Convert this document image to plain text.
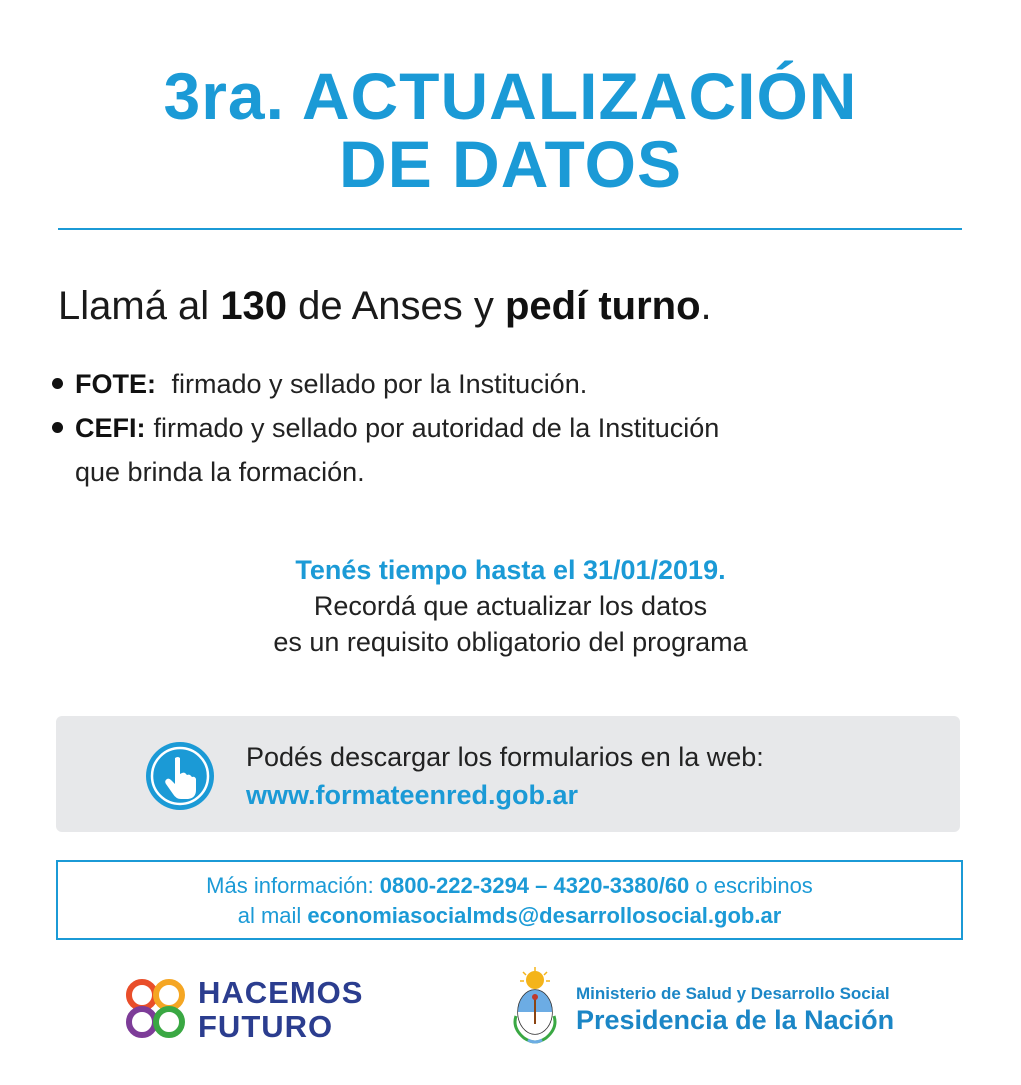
3ra. ACTUALIZACIÓN
DE DATOS

Llamá al 130 de Anses y pedí turno.

FOTE: firmado y sellado por la Institución.
CEFI: firmado y sellado por autoridad de la Institución
que brinda la formación.
Tenés tiempo hasta el 31/01/2019.
Recordá que actualizar los datos
es un requisito obligatorio del programa
Podés descargar los formularios en la web:
www.formateenred.gob.ar
Más información: 0800-222-3294 – 4320-3380/60 o escribinos
al mail economiasocialmds@desarrollosocial.gob.ar
HACEMOS
FUTURO
Ministerio de Salud y Desarrollo Social
Presidencia de la Nación
